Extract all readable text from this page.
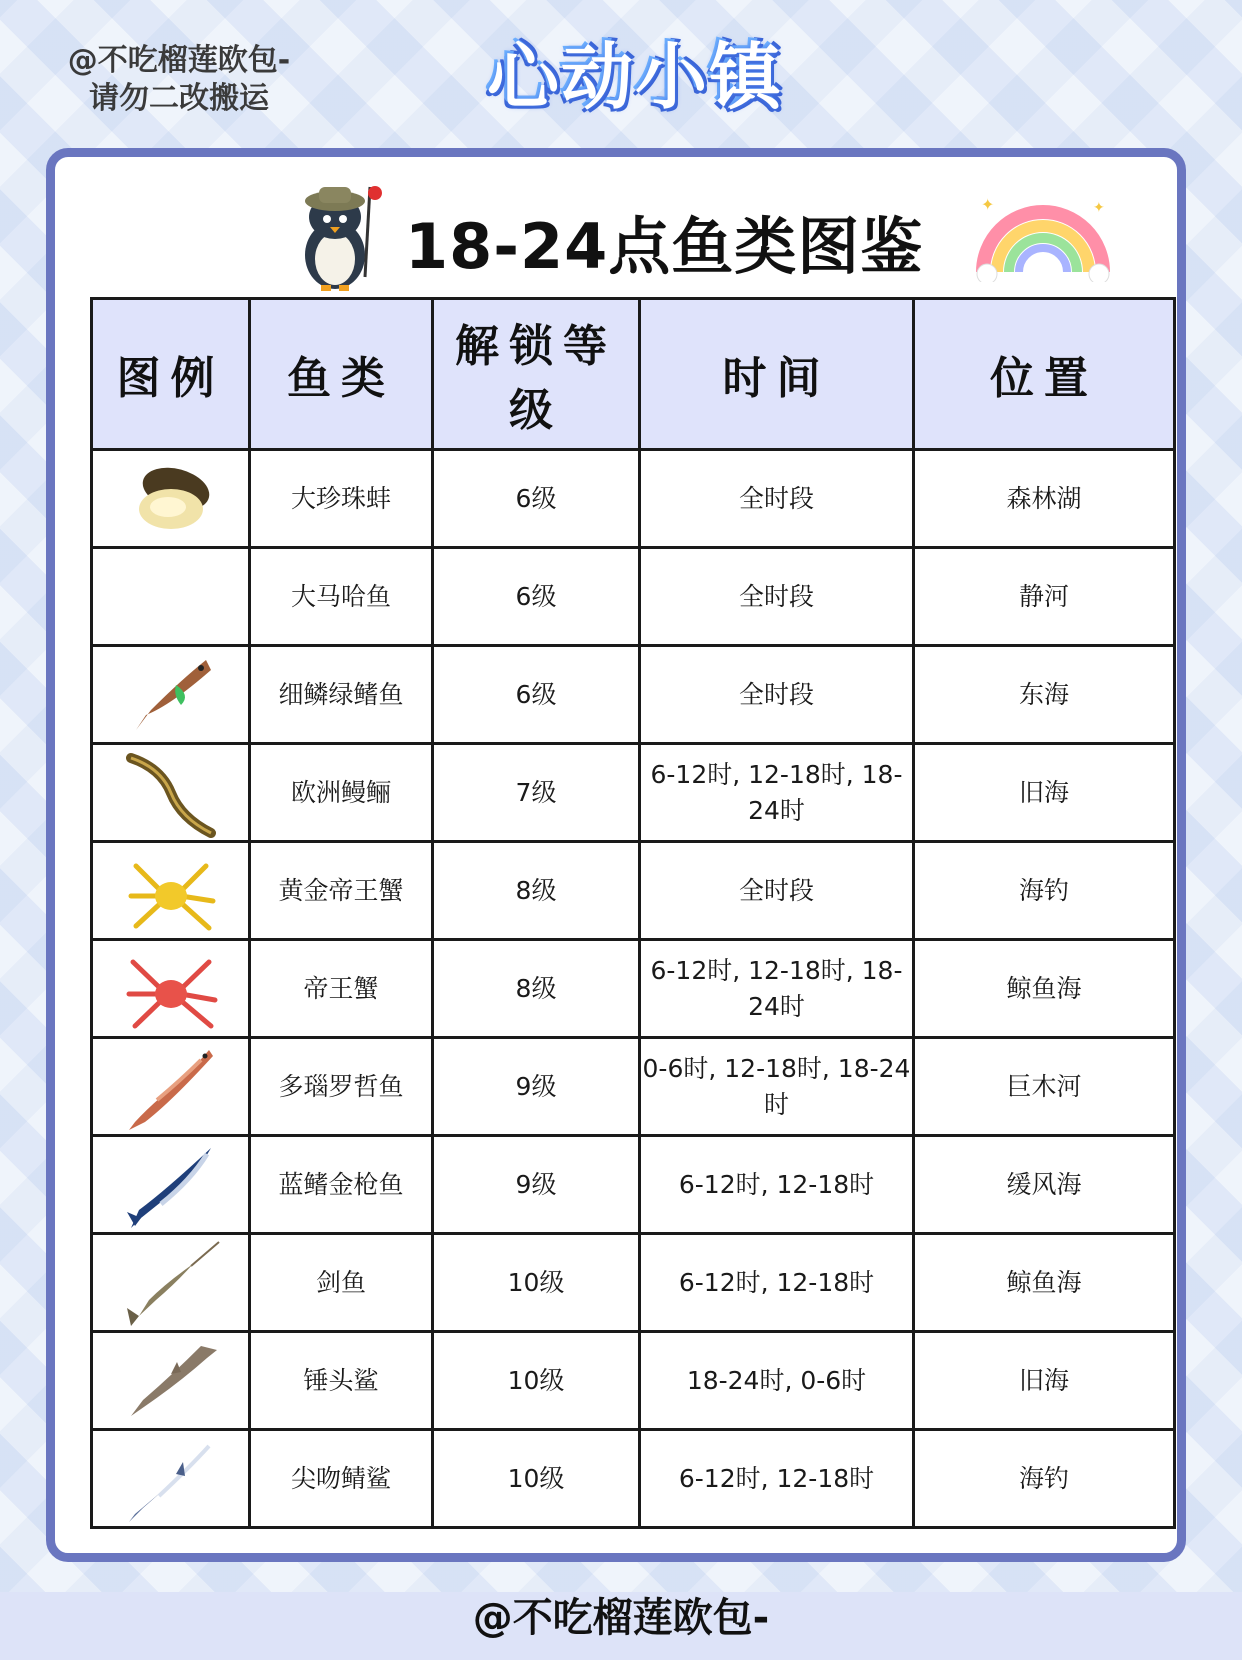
@不吃榴莲欧包-
请勿二改搬运	心动小镇
18-24点鱼类图鉴
✦	✦
图例	鱼类	解锁等级	时间	位置

	大珍珠蚌	6级	全时段	森林湖
	大马哈鱼	6级	全时段	静河

	细鳞绿鳍鱼	6级	全时段	东海

	欧洲鳗鲡	7级	6-12时, 12-18时, 18-24时	旧海

	黄金帝王蟹	8级	全时段	海钓

	帝王蟹	8级	6-12时, 12-18时, 18-24时	鲸鱼海

	多瑙罗哲鱼	9级	0-6时, 12-18时, 18-24时	巨木河

	蓝鳍金枪鱼	9级	6-12时, 12-18时	缓风海

	剑鱼	10级	6-12时, 12-18时	鲸鱼海

	锤头鲨	10级	18-24时, 0-6时	旧海

	尖吻鲭鲨	10级	6-12时, 12-18时	海钓
@不吃榴莲欧包-
